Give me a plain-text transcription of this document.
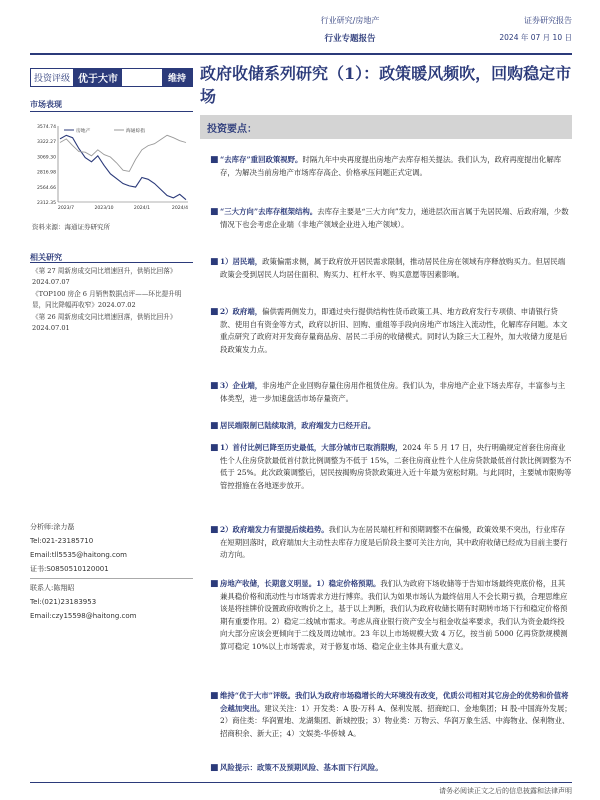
行业研究/房地产
行业专题报告
证券研究报告
2024 年 07 月 10 日
投资评级 优于大市	维持
市场表现
2312.35
2564.66
2816.98
3069.30
3322.27
3574.74
2023/7	2023/10	2024/1	2024/4
房地产	海通综指
资料来源：海通证券研究所
相关研究
《第 27 周新房成交同比增速回升，供销比回落》2024.07.07
《TOP100 房企 6 月销售数据点评——环比提升明显，同比降幅再收窄》2024.07.02
《第 26 周新房成交同比增速回落，供销比回升》2024.07.01
分析师:涂力磊
Tel:021-23185710
Email:tll5535@haitong.com
证书:S0850510120001
联系人:陈翔昭
Tel:(021)23183953
Email:czy15598@haitong.com
政府收储系列研究（1）：政策暖风频吹，回购稳定市场
投资要点：
■ “去库存”重回政策视野。时隔九年中央再度提出房地产去库存相关提法。我们认为，政府再度提出化解库存，为解决当前房地产市场库存高企、价格承压问题正式定调。
■ “三大方向”去库存框架结构。去库存主要是“三大方向”发力，递进层次而言属于先居民端、后政府端，少数情况下也会考虑企业端（非地产领域企业进入地产领域）。
■ 1）居民端，政策偏需求侧，属于政府放开居民需求限制，推动居民住房在领域有序释放购买力。但居民端政策会受到居民人均居住面积、购买力、杠杆水平、购买意愿等因素影响。
■ 2）政府端，偏供需两侧发力，即通过央行提供结构性货币政策工具、地方政府发行专项债、申请银行贷款、使用自有资金等方式，政府以折旧、回购、重组等手段向房地产市场注入流动性，化解库存问题。本文重点研究了政府对开发商存量商品房、居民二手房的收储模式。同时认为除三大工程外，加大收储力度是后段政策发力点。
■ 3）企业端，非房地产企业回购存量住房用作租赁住房。我们认为，非房地产企业下场去库存，丰富参与主体类型，进一步加速盘活市场存量资产。
■ 居民端限制已陆续取消，政府端发力已经开启。
■ 1）首付比例已降至历史最低，大部分城市已取消限购，2024 年 5 月 17 日，央行明确规定首套住房商业性个人住房贷款最低首付款比例调整为不低于 15%，二套住房商业性个人住房贷款最低首付款比例调整为不低于 25%。此次政策调整后，居民按揭购房贷款政策进入近十年最为宽松时期。与此同时，主要城市限购等管控措施在各地逐步放开。
■ 2）政府端发力有望提后续趋势。我们认为在居民端杠杆和预期调整不在偏慢，政策效果不突出，行业库存在短期回落时，政府端加大主动性去库存力度是后阶段主要可关注方向，其中政府收储已经成为目前主要行动方向。
■ 房地产收储，长期意义明显。1）稳定价格预期。我们认为政府下场收储等于告知市场最终兜底价格，且其兼具稳价格和流动性与市场需求方进行博弈。我们认为如果市场认为最终信用人不会长期亏损，合理思维应该是将挂牌价设置政府收购价之上，基于以上判断，我们认为政府收储长期有时期转市场下行和稳定价格预期有重要作用。2）稳定二线城市需求。考虑从商业银行资产安全与租金收益率要求，我们认为资金最终投向大部分应该会更倾向于二线及周边城市。23 年以上市场规模大致 4 万亿，按当前 5000 亿再贷款规模测算可稳定 10%以上市场需求，对于修复市场、稳定企业主体具有重大意义。
■ 维持“优于大市”评级。我们认为政府市场稳增长的大环境没有改变，优质公司相对其它房企的优势和价值将会越加突出。建议关注：1）开发类：A 股-万科 A、保利发展、招商蛇口、金地集团；H 股-中国海外发展；2）商住类：华润置地、龙湖集团、新城控股；3）物业类：万物云、华润万象生活、中海物业、保利物业、招商积余、新大正；4）文娱类-华侨城 A。
■ 风险提示：政策不及预期风险、基本面下行风险。
请务必阅读正文之后的信息披露和法律声明
